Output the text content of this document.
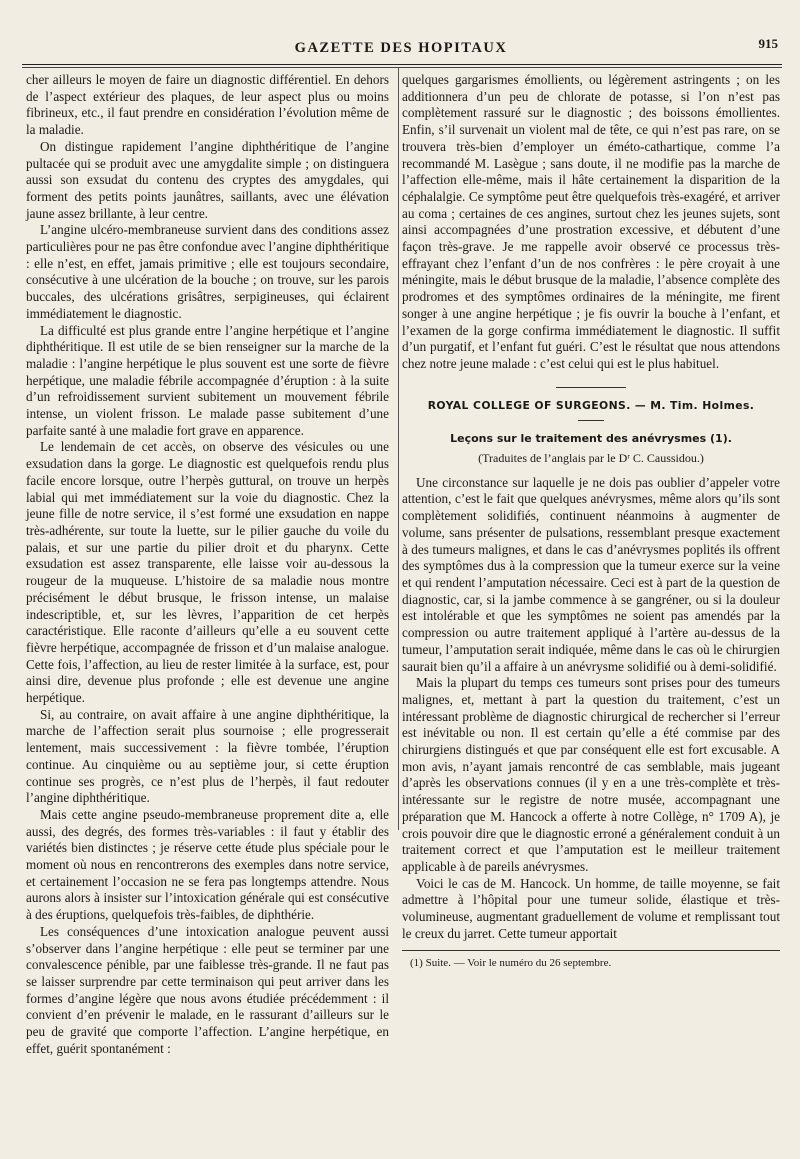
GAZETTE DES HOPITAUX	915

cher ailleurs le moyen de faire un diagnostic différentiel. En dehors de l’aspect extérieur des plaques, de leur aspect plus ou moins fibrineux, etc., il faut prendre en considération l’évolution même de la maladie.

On distingue rapidement l’angine diphthéritique de l’angine pultacée qui se produit avec une amygdalite simple ; on distinguera aussi son exsudat du contenu des cryptes des amygdales, qui forment des petits points jaunâtres, saillants, avec une élévation jaune assez brillante, à leur centre.

L’angine ulcéro-membraneuse survient dans des conditions assez particulières pour ne pas être confondue avec l’angine diphthéritique : elle n’est, en effet, jamais primitive ; elle est toujours secondaire, consécutive à une ulcération de la bouche ; on trouve, sur les parois buccales, des ulcérations grisâtres, serpigineuses, qui éclairent immédiatement le diagnostic.

La difficulté est plus grande entre l’angine herpétique et l’angine diphthéritique. Il est utile de se bien renseigner sur la marche de la maladie : l’angine herpétique le plus souvent est une sorte de fièvre herpétique, une maladie fébrile accompagnée d’éruption : à la suite d’un refroidissement survient subitement un mouvement fébrile intense, un violent frisson. Le malade passe subitement d’une parfaite santé à une maladie fort grave en apparence.

Le lendemain de cet accès, on observe des vésicules ou une exsudation dans la gorge. Le diagnostic est quelquefois rendu plus facile encore lorsque, outre l’herpès guttural, on trouve un herpès labial qui met immédiatement sur la voie du diagnostic. Chez la jeune fille de notre service, il s’est formé une exsudation en nappe très-adhérente, sur toute la luette, sur le pilier gauche du voile du palais, et sur une partie du pilier droit et du pharynx. Cette exsudation est assez transparente, elle laisse voir au-dessous la rougeur de la muqueuse. L’histoire de sa maladie nous montre précisément le début brusque, le frisson intense, un malaise indescriptible, et, sur les lèvres, l’apparition de cet herpès caractéristique. Elle raconte d’ailleurs qu’elle a eu souvent cette fièvre herpétique, accompagnée de frisson et d’un malaise analogue. Cette fois, l’affection, au lieu de rester limitée à la surface, est, pour ainsi dire, devenue plus profonde ; elle est devenue une angine herpétique.

Si, au contraire, on avait affaire à une angine diphthéritique, la marche de l’affection serait plus sournoise ; elle progresserait lentement, mais successivement : la fièvre tombée, l’éruption continue. Au cinquième ou au septième jour, si cette éruption continue ses progrès, ce n’est plus de l’herpès, il faut redouter l’angine diphthéritique.

Mais cette angine pseudo-membraneuse proprement dite a, elle aussi, des degrés, des formes très-variables : il faut y établir des variétés bien distinctes ; je réserve cette étude plus spéciale pour le moment où nous en rencontrerons des exemples dans notre service, et certainement l’occasion ne se fera pas longtemps attendre. Nous aurons alors à insister sur l’intoxication générale qui est consécutive à des éruptions, quelquefois très-faibles, de diphthérie.

Les conséquences d’une intoxication analogue peuvent aussi s’observer dans l’angine herpétique : elle peut se terminer par une convalescence pénible, par une faiblesse très-grande. Il ne faut pas se laisser surprendre par cette terminaison qui peut arriver dans les formes d’angine légère que nous avons étudiée précédemment : il convient d’en prévenir le malade, en le rassurant d’ailleurs sur le peu de gravité que comporte l’affection. L’angine herpétique, en effet, guérit spontanément :

quelques gargarismes émollients, ou légèrement astringents ; on les additionnera d’un peu de chlorate de potasse, si l’on n’est pas complètement rassuré sur le diagnostic ; des boissons émollientes. Enfin, s’il survenait un violent mal de tête, ce qui n’est pas rare, on se trouvera très-bien d’employer un éméto-cathartique, comme l’a recommandé M. Lasègue ; sans doute, il ne modifie pas la marche de l’affection elle-même, mais il hâte certainement la disparition de la céphalalgie. Ce symptôme peut être quelquefois très-exagéré, et arriver au coma ; certaines de ces angines, surtout chez les jeunes sujets, sont ainsi accompagnées d’une prostration excessive, et débutent d’une façon très-grave. Je me rappelle avoir observé ce processus très-effrayant chez l’enfant d’un de nos confrères : le père croyait à une méningite, mais le début brusque de la maladie, l’absence complète des prodromes et des symptômes ordinaires de la méningite, me firent songer à une angine herpétique ; je fis ouvrir la bouche à l’enfant, et l’examen de la gorge confirma immédiatement le diagnostic. Il suffit d’un purgatif, et l’enfant fut guéri. C’est le résultat que nous attendons chez notre jeune malade : c’est celui qui est le plus habituel.

ROYAL COLLEGE OF SURGEONS. — M. Tim. Holmes.
Leçons sur le traitement des anévrysmes (1).
(Traduites de l’anglais par le Dʳ C. Caussidou.)

Une circonstance sur laquelle je ne dois pas oublier d’appeler votre attention, c’est le fait que quelques anévrysmes, même alors qu’ils sont complètement solidifiés, continuent néanmoins à augmenter de volume, sans présenter de pulsations, ressemblant presque exactement à des tumeurs malignes, et dans le cas d’anévrysmes poplités ils offrent des symptômes dus à la compression que la tumeur exerce sur la veine et qui rendent l’amputation nécessaire. Ceci est à part de la question de diagnostic, car, si la jambe commence à se gangréner, ou si la douleur est intolérable et que les symptômes ne soient pas amendés par la compression ou autre traitement appliqué à l’artère au-dessus de la tumeur, l’amputation serait indiquée, même dans le cas où le chirurgien saurait bien qu’il a affaire à un anévrysme solidifié ou à demi-solidifié.

Mais la plupart du temps ces tumeurs sont prises pour des tumeurs malignes, et, mettant à part la question du traitement, c’est un intéressant problème de diagnostic chirurgical de rechercher si l’erreur est inévitable ou non. Il est certain qu’elle a été commise par des chirurgiens distingués et que par conséquent elle est fort excusable. A mon avis, n’ayant jamais rencontré de cas semblable, mais jugeant d’après les observations connues (il y en a une très-complète et très-intéressante sur le registre de notre musée, accompagnant une préparation que M. Hancock a offerte à notre Collège, n° 1709 A), je crois pouvoir dire que le diagnostic erroné a généralement conduit à un traitement correct et que l’amputation est le meilleur traitement applicable à de pareils anévrysmes.

Voici le cas de M. Hancock. Un homme, de taille moyenne, se fait admettre à l’hôpital pour une tumeur solide, élastique et très-volumineuse, augmentant graduellement de volume et remplissant tout le creux du jarret. Cette tumeur apportait

(1) Suite. — Voir le numéro du 26 septembre.
